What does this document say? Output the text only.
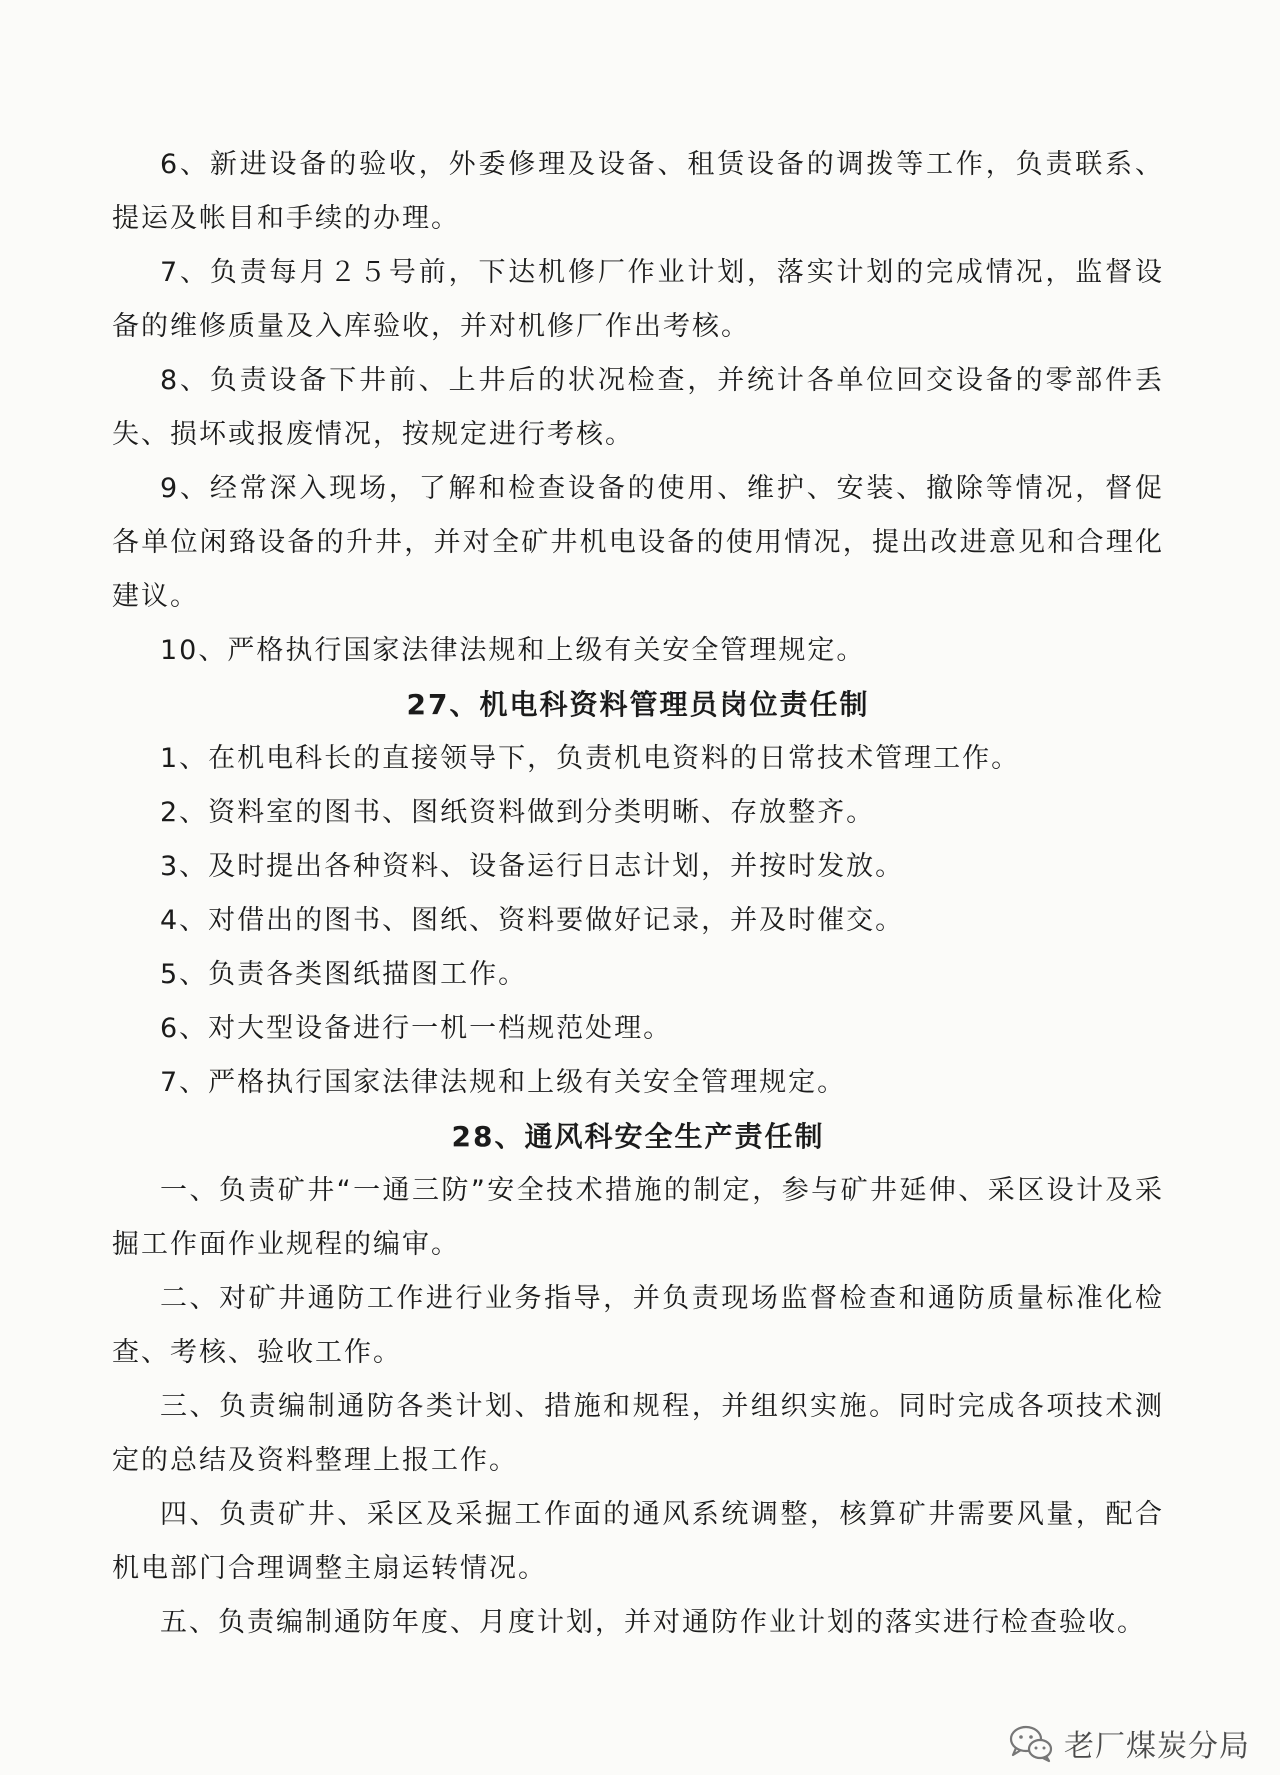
6、新进设备的验收，外委修理及设备、租赁设备的调拨等工作，负责联系、提运及帐目和手续的办理。

7、负责每月２５号前，下达机修厂作业计划，落实计划的完成情况，监督设备的维修质量及入库验收，并对机修厂作出考核。

8、负责设备下井前、上井后的状况检查，并统计各单位回交设备的零部件丢失、损坏或报废情况，按规定进行考核。

9、经常深入现场，了解和检查设备的使用、维护、安装、撤除等情况，督促各单位闲臵设备的升井，并对全矿井机电设备的使用情况，提出改进意见和合理化建议。

10、严格执行国家法律法规和上级有关安全管理规定。

27、机电科资料管理员岗位责任制

1、在机电科长的直接领导下，负责机电资料的日常技术管理工作。

2、资料室的图书、图纸资料做到分类明晰、存放整齐。

3、及时提出各种资料、设备运行日志计划，并按时发放。

4、对借出的图书、图纸、资料要做好记录，并及时催交。

5、负责各类图纸描图工作。

6、对大型设备进行一机一档规范处理。

7、严格执行国家法律法规和上级有关安全管理规定。

28、通风科安全生产责任制

一、负责矿井“一通三防”安全技术措施的制定，参与矿井延伸、采区设计及采掘工作面作业规程的编审。

二、对矿井通防工作进行业务指导，并负责现场监督检查和通防质量标准化检查、考核、验收工作。

三、负责编制通防各类计划、措施和规程，并组织实施。同时完成各项技术测定的总结及资料整理上报工作。

四、负责矿井、采区及采掘工作面的通风系统调整，核算矿井需要风量，配合机电部门合理调整主扇运转情况。

五、负责编制通防年度、月度计划，并对通防作业计划的落实进行检查验收。

老厂煤炭分局
